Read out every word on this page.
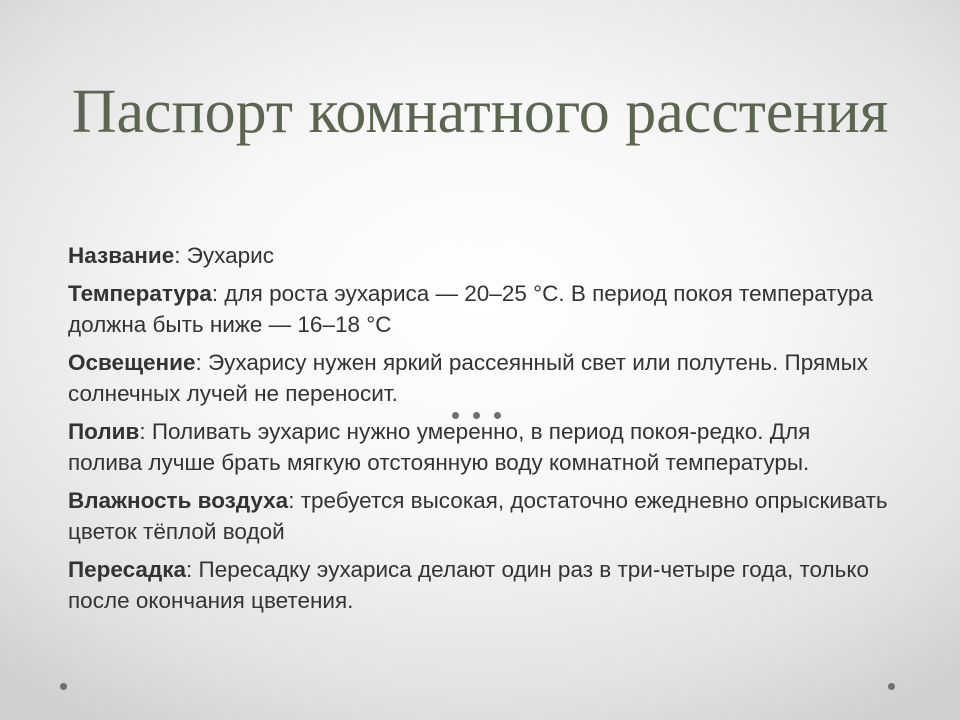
Паспорт комнатного расстения

Название: Эухарис

Температура: для роста эухариса — 20–25 °С. В период покоя температура должна быть ниже — 16–18 °С

Освещение: Эухарису нужен яркий рассеянный свет или полутень. Прямых солнечных лучей не переносит.

Полив: Поливать эухарис нужно умеренно, в период покоя-редко. Для полива лучше брать мягкую отстоянную воду комнатной температуры.

Влажность воздуха: требуется высокая, достаточно ежедневно опрыскивать цветок тёплой водой

Пересадка: Пересадку эухариса делают один раз в три-четыре года, только после окончания цветения.
